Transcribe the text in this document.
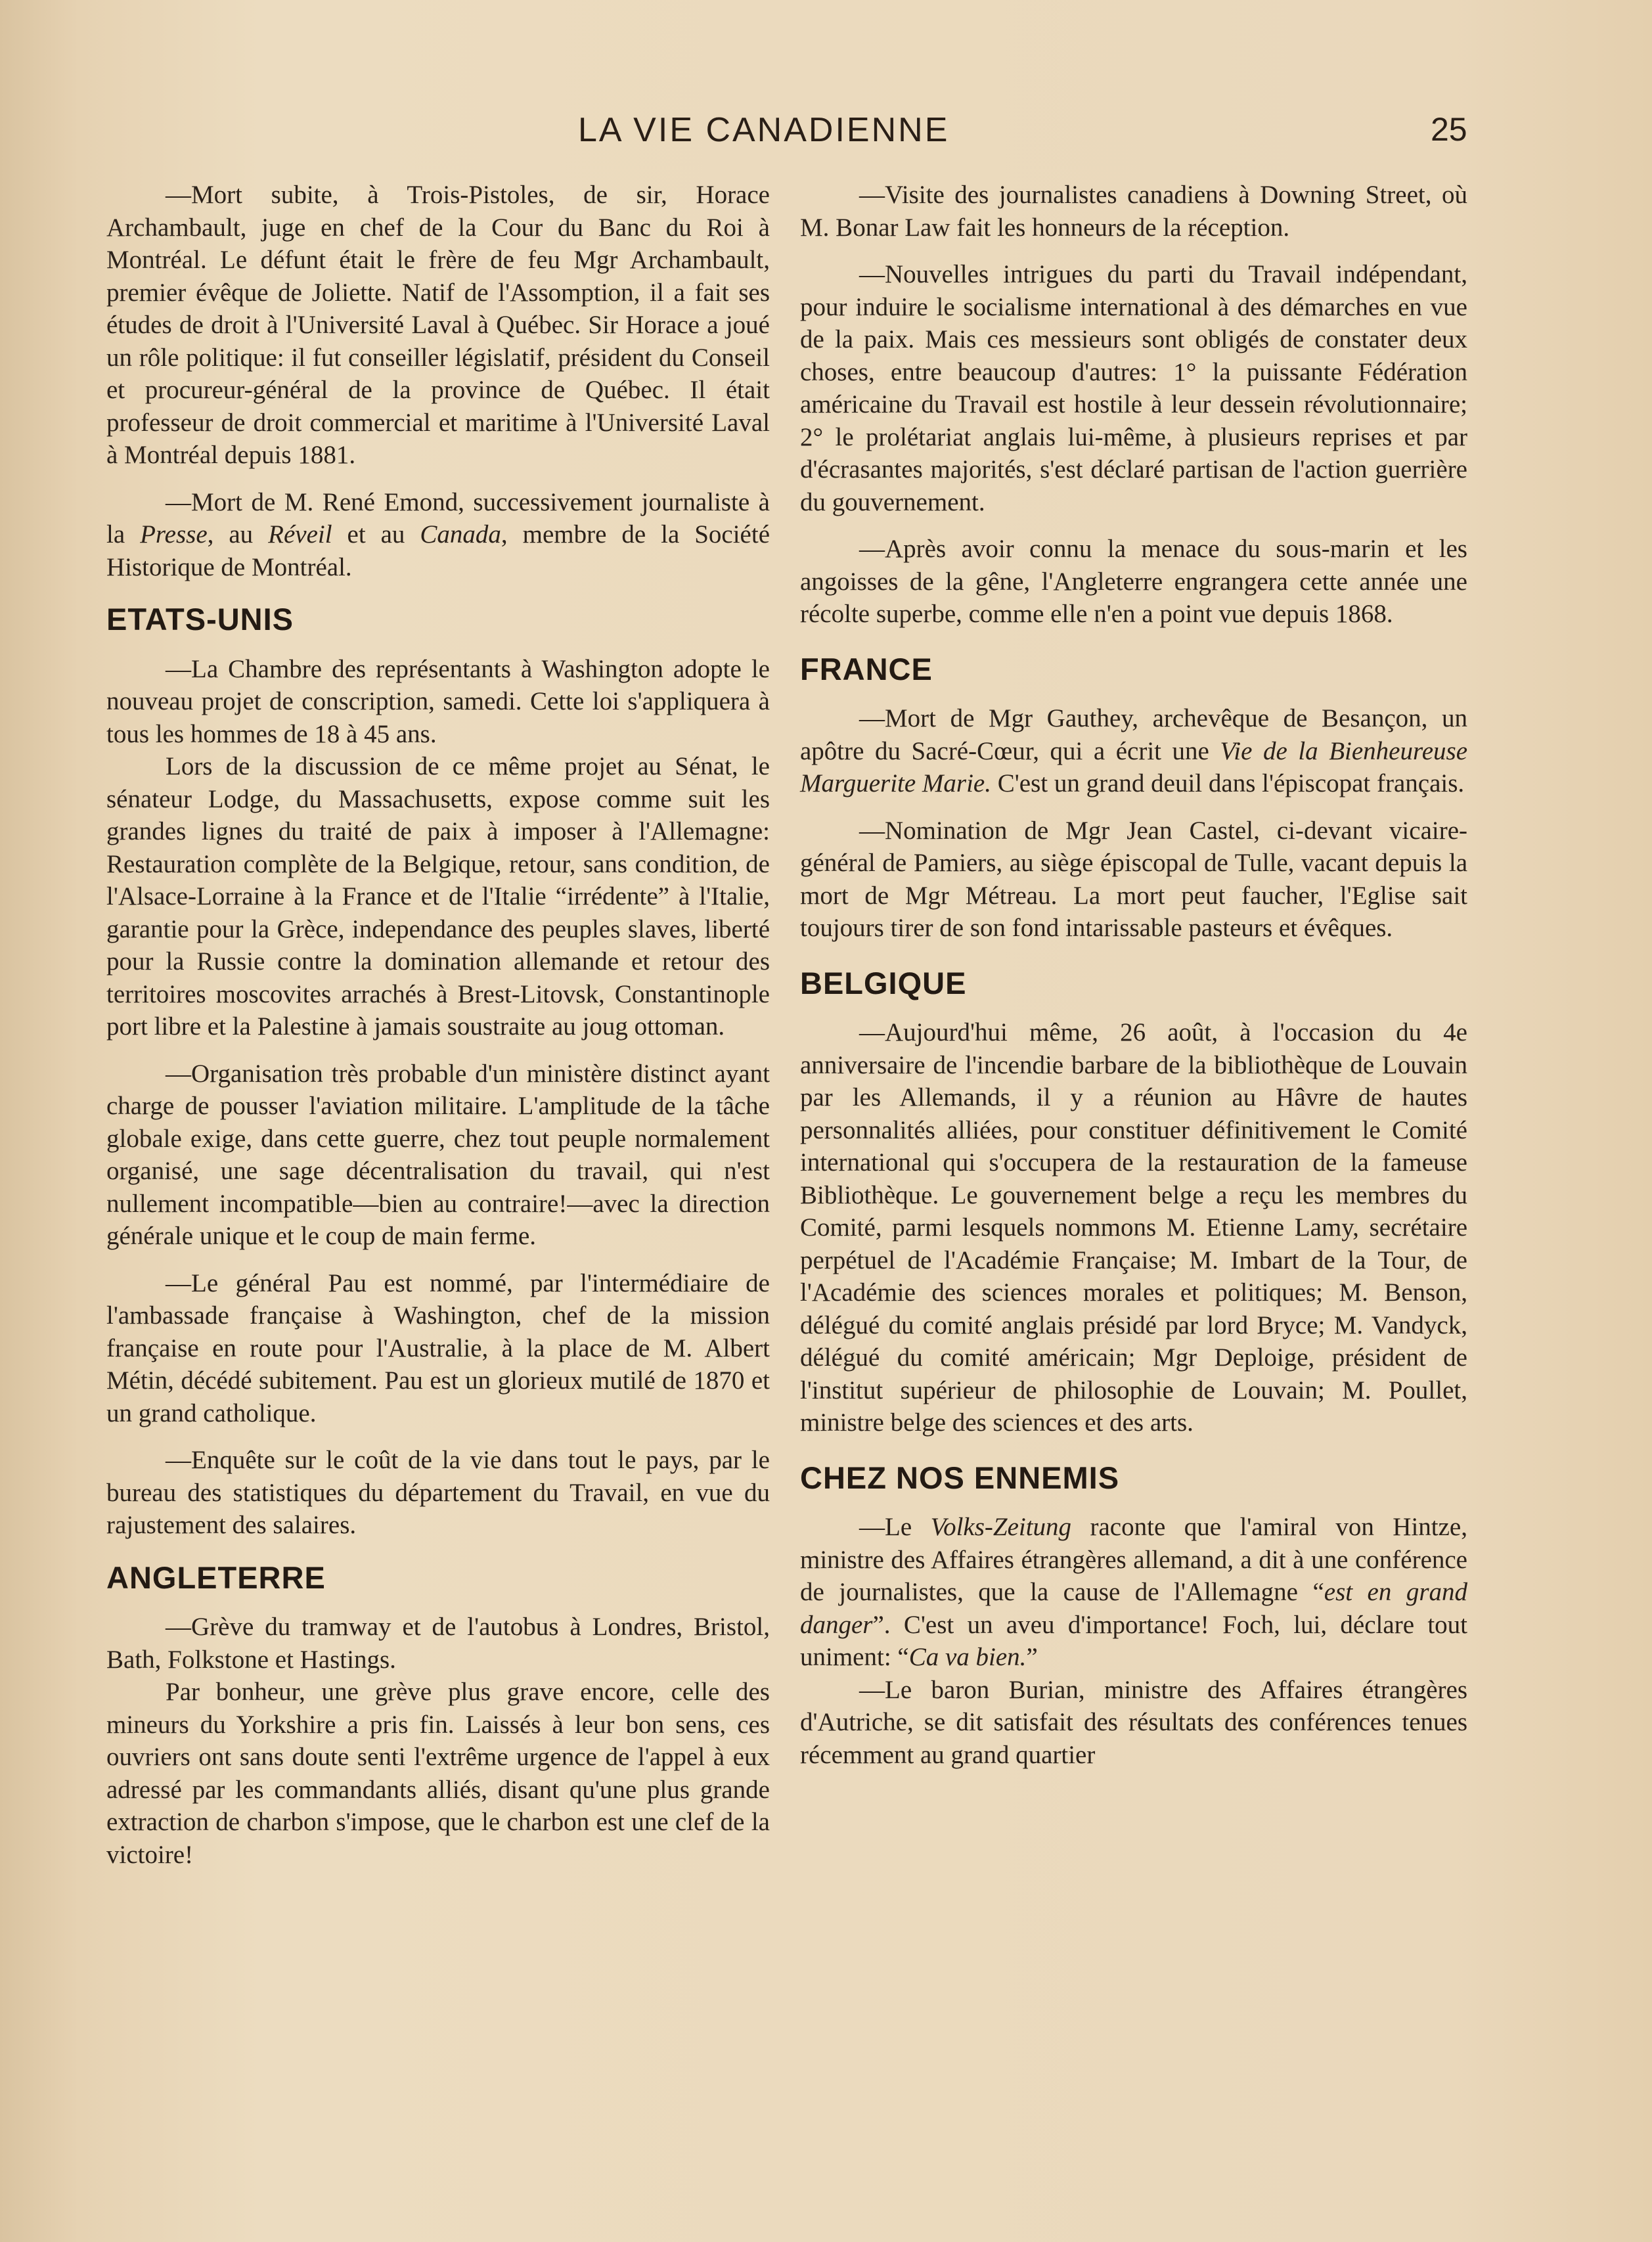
LA VIE CANADIENNE	25

—Mort subite, à Trois-Pistoles, de sir, Horace Archambault, juge en chef de la Cour du Banc du Roi à Montréal. Le défunt était le frère de feu Mgr Archambault, premier évêque de Joliette. Natif de l'Assomption, il a fait ses études de droit à l'Université Laval à Québec. Sir Horace a joué un rôle politique: il fut conseiller législatif, président du Conseil et procureur-général de la province de Québec. Il était professeur de droit commercial et maritime à l'Université Laval à Montréal depuis 1881.

—Mort de M. René Emond, successivement journaliste à la Presse, au Réveil et au Canada, membre de la Société Historique de Montréal.

ETATS-UNIS

—La Chambre des représentants à Washington adopte le nouveau projet de conscription, samedi. Cette loi s'appliquera à tous les hommes de 18 à 45 ans.

Lors de la discussion de ce même projet au Sénat, le sénateur Lodge, du Massachusetts, expose comme suit les grandes lignes du traité de paix à imposer à l'Allemagne: Restauration complète de la Belgique, retour, sans condition, de l'Alsace-Lorraine à la France et de l'Italie “irrédente” à l'Italie, garantie pour la Grèce, independance des peuples slaves, liberté pour la Russie contre la domination allemande et retour des territoires moscovites arrachés à Brest-Litovsk, Constantinople port libre et la Palestine à jamais soustraite au joug ottoman.

—Organisation très probable d'un ministère distinct ayant charge de pousser l'aviation militaire. L'amplitude de la tâche globale exige, dans cette guerre, chez tout peuple normalement organisé, une sage décentralisation du travail, qui n'est nullement incompatible—bien au contraire!—avec la direction générale unique et le coup de main ferme.

—Le général Pau est nommé, par l'intermédiaire de l'ambassade française à Washington, chef de la mission française en route pour l'Australie, à la place de M. Albert Métin, décédé subitement. Pau est un glorieux mutilé de 1870 et un grand catholique.

—Enquête sur le coût de la vie dans tout le pays, par le bureau des statistiques du département du Travail, en vue du rajustement des salaires.

ANGLETERRE

—Grève du tramway et de l'autobus à Londres, Bristol, Bath, Folkstone et Hastings.

Par bonheur, une grève plus grave encore, celle des mineurs du Yorkshire a pris fin. Laissés à leur bon sens, ces ouvriers ont sans doute senti l'extrême urgence de l'appel à eux adressé par les commandants alliés, disant qu'une plus grande extraction de charbon s'impose, que le charbon est une clef de la victoire!

—Visite des journalistes canadiens à Downing Street, où M. Bonar Law fait les honneurs de la réception.

—Nouvelles intrigues du parti du Travail indépendant, pour induire le socialisme international à des démarches en vue de la paix. Mais ces messieurs sont obligés de constater deux choses, entre beaucoup d'autres: 1° la puissante Fédération américaine du Travail est hostile à leur dessein révolutionnaire; 2° le prolétariat anglais lui-même, à plusieurs reprises et par d'écrasantes majorités, s'est déclaré partisan de l'action guerrière du gouvernement.

—Après avoir connu la menace du sous-marin et les angoisses de la gêne, l'Angleterre engrangera cette année une récolte superbe, comme elle n'en a point vue depuis 1868.

FRANCE

—Mort de Mgr Gauthey, archevêque de Besançon, un apôtre du Sacré-Cœur, qui a écrit une Vie de la Bienheureuse Marguerite Marie. C'est un grand deuil dans l'épiscopat français.

—Nomination de Mgr Jean Castel, ci-devant vicaire-général de Pamiers, au siège épiscopal de Tulle, vacant depuis la mort de Mgr Métreau. La mort peut faucher, l'Eglise sait toujours tirer de son fond intarissable pasteurs et évêques.

BELGIQUE

—Aujourd'hui même, 26 août, à l'occasion du 4e anniversaire de l'incendie barbare de la bibliothèque de Louvain par les Allemands, il y a réunion au Hâvre de hautes personnalités alliées, pour constituer définitivement le Comité international qui s'occupera de la restauration de la fameuse Bibliothèque. Le gouvernement belge a reçu les membres du Comité, parmi lesquels nommons M. Etienne Lamy, secrétaire perpétuel de l'Académie Française; M. Imbart de la Tour, de l'Académie des sciences morales et politiques; M. Benson, délégué du comité anglais présidé par lord Bryce; M. Vandyck, délégué du comité américain; Mgr Deploige, président de l'institut supérieur de philosophie de Louvain; M. Poullet, ministre belge des sciences et des arts.

CHEZ NOS ENNEMIS

—Le Volks-Zeitung raconte que l'amiral von Hintze, ministre des Affaires étrangères allemand, a dit à une conférence de journalistes, que la cause de l'Allemagne “est en grand danger”. C'est un aveu d'importance! Foch, lui, déclare tout uniment: “Ca va bien.”

—Le baron Burian, ministre des Affaires étrangères d'Autriche, se dit satisfait des résultats des conférences tenues récemment au grand quartier
